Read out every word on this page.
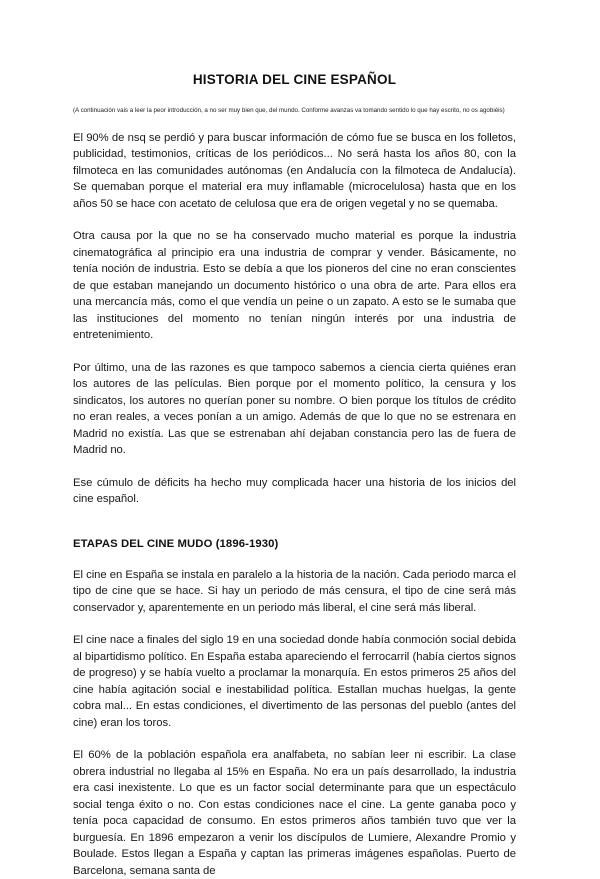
HISTORIA DEL CINE ESPAÑOL
(A continuación vais a leer la peor introducción, a no ser muy bien que, del mundo. Conforme avanzas va tomando sentido lo que hay escrito, no os agobiéis)

El 90% de nsq se perdió y para buscar información de cómo fue se busca en los folletos, publicidad, testimonios, críticas de los periódicos... No será hasta los años 80, con la filmoteca en las comunidades autónomas (en Andalucía con la filmoteca de Andalucía). Se quemaban porque el material era muy inflamable (microcelulosa) hasta que en los años 50 se hace con acetato de celulosa que era de origen vegetal y no se quemaba.

Otra causa por la que no se ha conservado mucho material es porque la industria cinematográfica al principio era una industria de comprar y vender. Básicamente, no tenía noción de industria. Esto se debía a que los pioneros del cine no eran conscientes de que estaban manejando un documento histórico o una obra de arte. Para ellos era una mercancía más, como el que vendía un peine o un zapato. A esto se le sumaba que las instituciones del momento no tenían ningún interés por una industria de entretenimiento.

Por último, una de las razones es que tampoco sabemos a ciencia cierta quiénes eran los autores de las películas. Bien porque por el momento político, la censura y los sindicatos, los autores no querían poner su nombre. O bien porque los títulos de crédito no eran reales, a veces ponían a un amigo. Además de que lo que no se estrenara en Madrid no existía. Las que se estrenaban ahí dejaban constancia pero las de fuera de Madrid no.

Ese cúmulo de déficits ha hecho muy complicada hacer una historia de los inicios del cine español.

ETAPAS DEL CINE MUDO (1896-1930)

El cine en España se instala en paralelo a la historia de la nación. Cada periodo marca el tipo de cine que se hace. Si hay un periodo de más censura, el tipo de cine será más conservador y, aparentemente en un periodo más liberal, el cine será más liberal.

El cine nace a finales del siglo 19 en una sociedad donde había conmoción social debida al bipartidismo político. En España estaba apareciendo el ferrocarril (había ciertos signos de progreso) y se había vuelto a proclamar la monarquía. En estos primeros 25 años del cine había agitación social e inestabilidad política. Estallan muchas huelgas, la gente cobra mal... En estas condiciones, el divertimento de las personas del pueblo (antes del cine) eran los toros.

El 60% de la población española era analfabeta, no sabían leer ni escribir. La clase obrera industrial no llegaba al 15% en España. No era un país desarrollado, la industria era casi inexistente. Lo que es un factor social determinante para que un espectáculo social tenga éxito o no. Con estas condiciones nace el cine. La gente ganaba poco y tenía poca capacidad de consumo. En estos primeros años también tuvo que ver la burguesía. En 1896 empezaron a venir los discípulos de Lumiere, Alexandre Promio y Boulade. Estos llegan a España y captan las primeras imágenes españolas. Puerto de Barcelona, semana santa de
